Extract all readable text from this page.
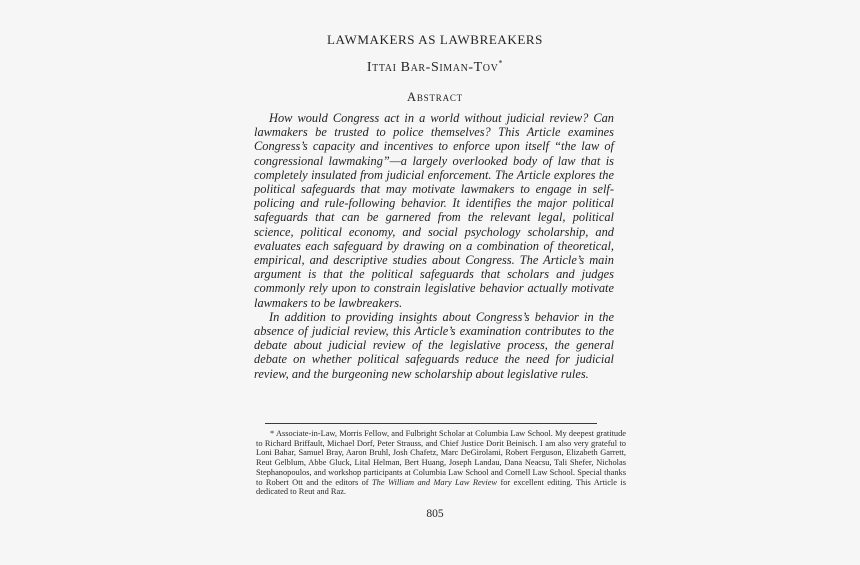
LAWMAKERS AS LAWBREAKERS
Ittai Bar-Siman-Tov*
Abstract

How would Congress act in a world without judicial review? Can lawmakers be trusted to police themselves? This Article examines Congress’s capacity and incentives to enforce upon itself “the law of congressional lawmaking”—a largely overlooked body of law that is completely insulated from judicial enforcement. The Article explores the political safeguards that may motivate lawmakers to engage in self-policing and rule-following behavior. It identifies the major political safeguards that can be garnered from the relevant legal, political science, political economy, and social psychology scholarship, and evaluates each safeguard by drawing on a combination of theoretical, empirical, and descriptive studies about Congress. The Article’s main argument is that the political safeguards that scholars and judges commonly rely upon to constrain legislative behavior actually motivate lawmakers to be lawbreakers.

In addition to providing insights about Congress’s behavior in the absence of judicial review, this Article’s examination contributes to the debate about judicial review of the legislative process, the general debate on whether political safeguards reduce the need for judicial review, and the burgeoning new scholarship about legislative rules.

* Associate-in-Law, Morris Fellow, and Fulbright Scholar at Columbia Law School. My deepest gratitude to Richard Briffault, Michael Dorf, Peter Strauss, and Chief Justice Dorit Beinisch. I am also very grateful to Loni Bahar, Samuel Bray, Aaron Bruhl, Josh Chafetz, Marc DeGirolami, Robert Ferguson, Elizabeth Garrett, Reut Gelblum, Abbe Gluck, Lital Helman, Bert Huang, Joseph Landau, Dana Neacsu, Tali Shefer, Nicholas Stephanopoulos, and workshop participants at Columbia Law School and Cornell Law School. Special thanks to Robert Ott and the editors of The William and Mary Law Review for excellent editing. This Article is dedicated to Reut and Raz.

805
